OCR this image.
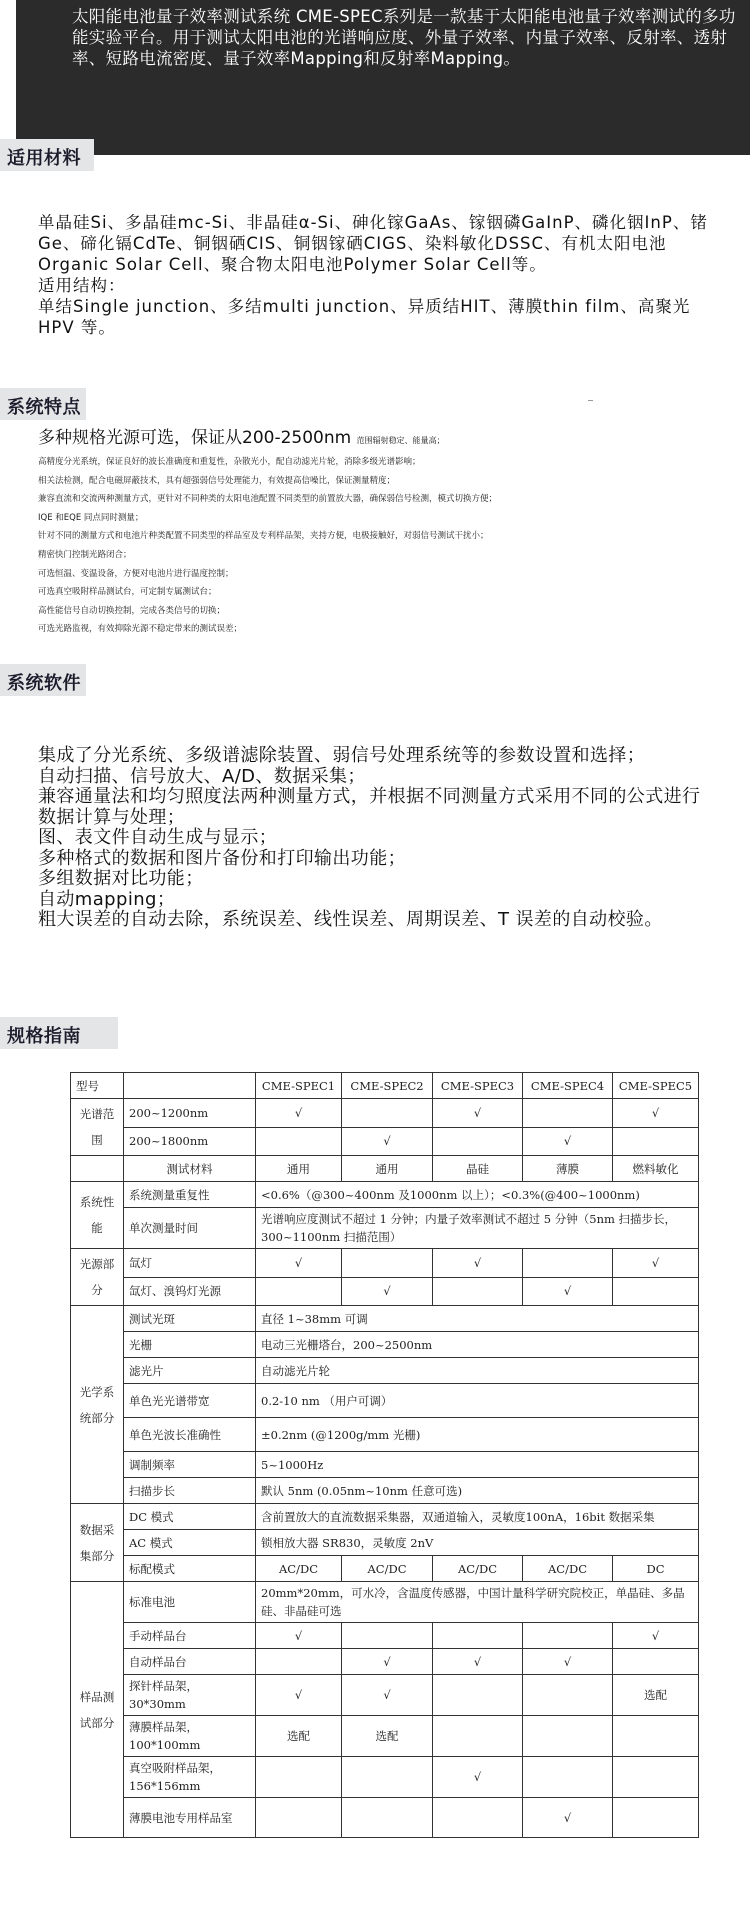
太阳能电池量子效率测试系统 CME-SPEC系列是一款基于太阳能电池量子效率测试的多功能实验平台。用于测试太阳电池的光谱响应度、外量子效率、内量子效率、反射率、透射率、短路电流密度、量子效率Mapping和反射率Mapping。

适用材料

单晶硅Si、多晶硅mc-Si、非晶硅α-Si、砷化镓GaAs、镓铟磷GaInP、磷化铟InP、锗Ge、碲化镉CdTe、铜铟硒CIS、铜铟镓硒CIGS、染料敏化DSSC、有机太阳电池Organic Solar Cell、聚合物太阳电池Polymer Solar Cell等。

适用结构：

单结Single junction、多结multi junction、异质结HIT、薄膜thin film、高聚光HPV 等。

系统特点
多种规格光源可选，保证从200-2500nm 范围辐射稳定、能量高；
高精度分光系统，保证良好的波长准确度和重复性，杂散光小，配自动滤光片轮，消除多级光谱影响；
相关法检测，配合电磁屏蔽技术，具有超强弱信号处理能力，有效提高信噪比，保证测量精度；
兼容直流和交流两种测量方式，更针对不同种类的太阳电池配置不同类型的前置放大器，确保弱信号检测，模式切换方便；
IQE 和EQE 同点同时测量；
针对不同的测量方式和电池片种类配置不同类型的样品室及专利样品架，夹持方便，电极接触好，对弱信号测试干扰小；
精密快门控制光路闭合；
可选恒温、变温设备，方便对电池片进行温度控制；
可选真空吸附样品测试台，可定制专属测试台；
高性能信号自动切换控制，完成各类信号的切换；
可选光路监视，有效抑除光源不稳定带来的测试误差；
系统软件

集成了分光系统、多级谱滤除装置、弱信号处理系统等的参数设置和选择；

自动扫描、信号放大、A/D、数据采集；

兼容通量法和均匀照度法两种测量方式，并根据不同测量方式采用不同的公式进行数据计算与处理；

图、表文件自动生成与显示；

多种格式的数据和图片备份和打印输出功能；

多组数据对比功能；

自动mapping；

粗大误差的自动去除，系统误差、线性误差、周期误差、T 误差的自动校验。

规格指南
型号		CME-SPEC1	CME-SPEC2	CME-SPEC3	CME-SPEC4	CME-SPEC5
光谱范围	200~1200nm	√		√		√
	200~1800nm		√		√	
	测试材料	通用	通用	晶硅	薄膜	燃料敏化
系统性能	系统测量重复性	<0.6%（@300~400nm 及1000nm 以上）；<0.3%(@400~1000nm)				
	单次测量时间	光谱响应度测试不超过 1 分钟；内量子效率测试不超过 5 分钟（5nm 扫描步长，300~1100nm 扫描范围）				
光源部分	氙灯	√		√		√
	氙灯、溴钨灯光源		√		√	
光学系统部分	测试光斑	直径 1~38mm 可调				
	光栅	电动三光栅塔台，200~2500nm				
	滤光片	自动滤光片轮				
	单色光光谱带宽	0.2-10 nm （用户可调）				
	单色光波长准确性	±0.2nm (@1200g/mm 光栅)				
	调制频率	5~1000Hz				
	扫描步长	默认 5nm (0.05nm~10nm 任意可选)				
数据采集部分	DC 模式	含前置放大的直流数据采集器，双通道输入，灵敏度100nA，16bit 数据采集				
	AC 模式	锁相放大器 SR830，灵敏度 2nV				
	标配模式	AC/DC	AC/DC	AC/DC	AC/DC	DC
样品测试部分	标准电池	20mm*20mm，可水冷，含温度传感器，中国计量科学研究院校正，单晶硅、多晶硅、非晶硅可选				
	手动样品台	√				√
	自动样品台		√	√	√	
	探针样品架，30*30mm	√	√			选配
	薄膜样品架，100*100mm	选配	选配			
	真空吸附样品架，156*156mm			√		
	薄膜电池专用样品室				√	
